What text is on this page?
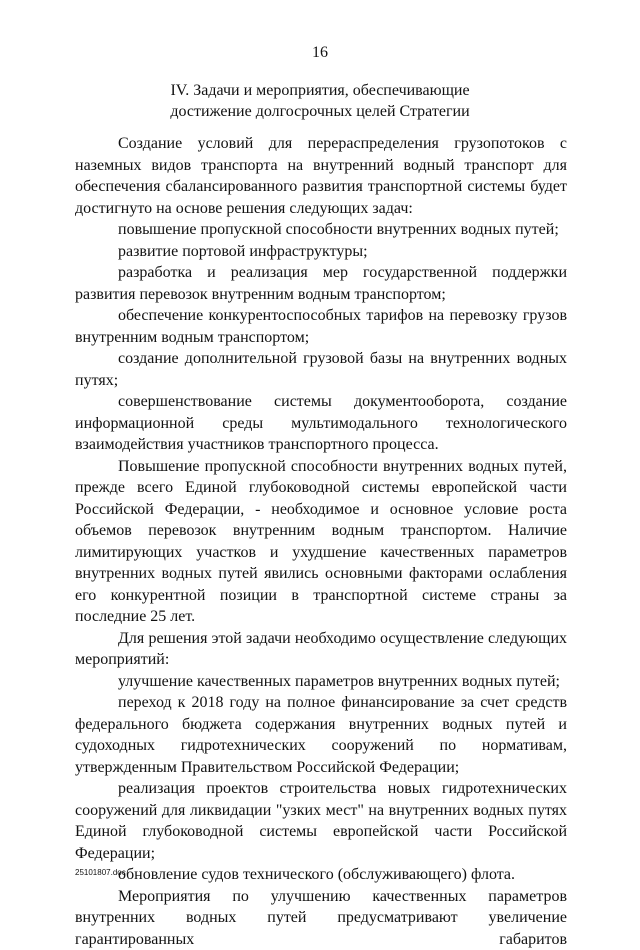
16
IV. Задачи и мероприятия, обеспечивающие
достижение долгосрочных целей Стратегии

Создание условий для перераспределения грузопотоков с наземных видов транспорта на внутренний водный транспорт для обеспечения сбалансированного развития транспортной системы будет достигнуто на основе решения следующих задач:

повышение пропускной способности внутренних водных путей;

развитие портовой инфраструктуры;

разработка и реализация мер государственной поддержки развития перевозок внутренним водным транспортом;

обеспечение конкурентоспособных тарифов на перевозку грузов внутренним водным транспортом;

создание дополнительной грузовой базы на внутренних водных путях;

совершенствование системы документооборота, создание информационной среды мультимодального технологического взаимодействия участников транспортного процесса.

Повышение пропускной способности внутренних водных путей, прежде всего Единой глубоководной системы европейской части Российской Федерации, - необходимое и основное условие роста объемов перевозок внутренним водным транспортом. Наличие лимитирующих участков и ухудшение качественных параметров внутренних водных путей явились основными факторами ослабления его конкурентной позиции в транспортной системе страны за последние 25 лет.

Для решения этой задачи необходимо осуществление следующих мероприятий:

улучшение качественных параметров внутренних водных путей;

переход к 2018 году на полное финансирование за счет средств федерального бюджета содержания внутренних водных путей и судоходных гидротехнических сооружений по нормативам, утвержденным Правительством Российской Федерации;

реализация проектов строительства новых гидротехнических сооружений для ликвидации "узких мест" на внутренних водных путях Единой глубоководной системы европейской части Российской Федерации;

обновление судов технического (обслуживающего) флота.

Мероприятия по улучшению качественных параметров внутренних водных путей предусматривают увеличение гарантированных габаритов

25101807.doc
